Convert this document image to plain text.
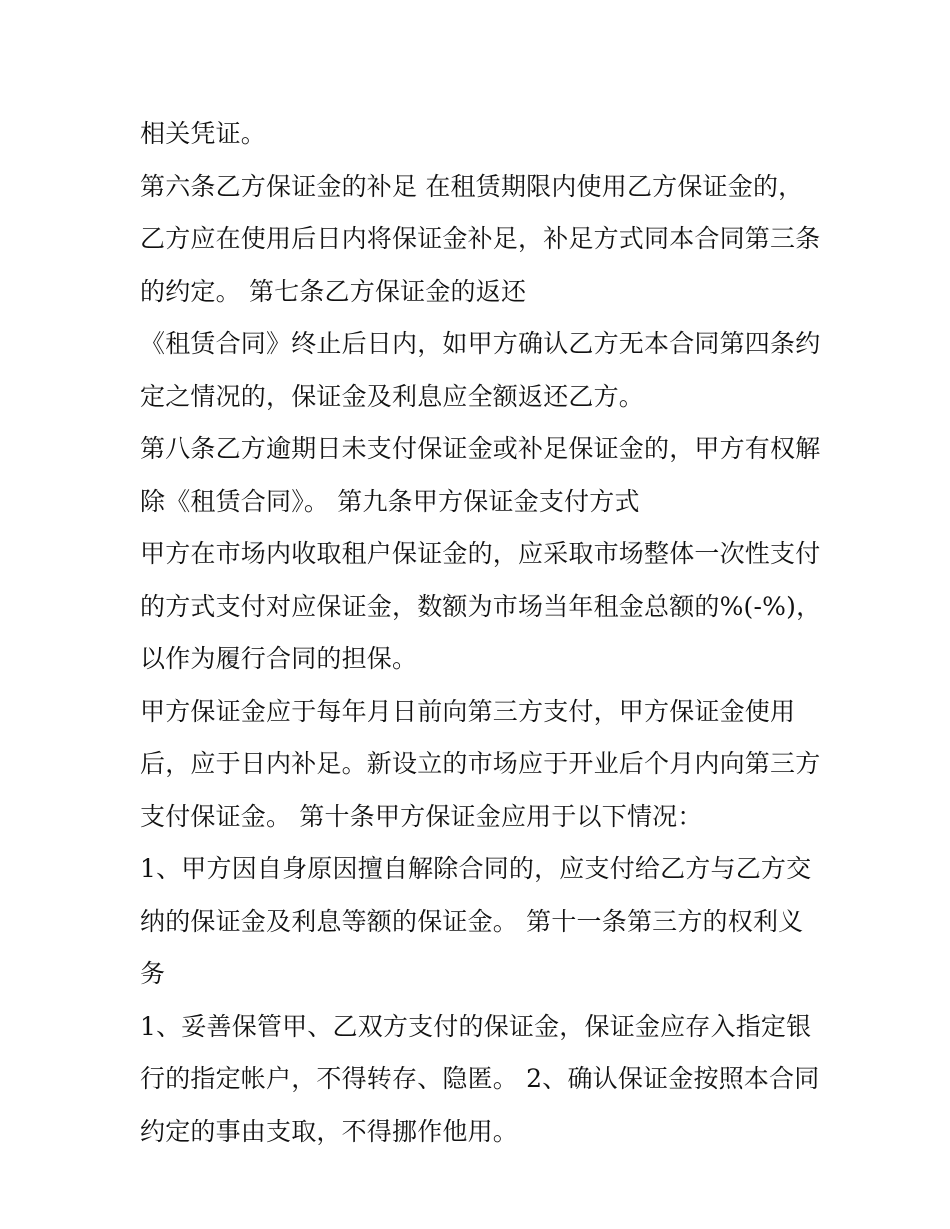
相关凭证。
第六条乙方保证金的补足 在租赁期限内使用乙方保证金的，
乙方应在使用后日内将保证金补足，补足方式同本合同第三条
的约定。 第七条乙方保证金的返还
《租赁合同》终止后日内，如甲方确认乙方无本合同第四条约
定之情况的，保证金及利息应全额返还乙方。
第八条乙方逾期日未支付保证金或补足保证金的，甲方有权解
除《租赁合同》。 第九条甲方保证金支付方式
甲方在市场内收取租户保证金的，应采取市场整体一次性支付
的方式支付对应保证金，数额为市场当年租金总额的%(-%)，
以作为履行合同的担保。
甲方保证金应于每年月日前向第三方支付，甲方保证金使用
后，应于日内补足。新设立的市场应于开业后个月内向第三方
支付保证金。 第十条甲方保证金应用于以下情况：
1、甲方因自身原因擅自解除合同的，应支付给乙方与乙方交
纳的保证金及利息等额的保证金。 第十一条第三方的权利义
务
1、妥善保管甲、乙双方支付的保证金，保证金应存入指定银
行的指定帐户，不得转存、隐匿。 2、确认保证金按照本合同
约定的事由支取，不得挪作他用。
